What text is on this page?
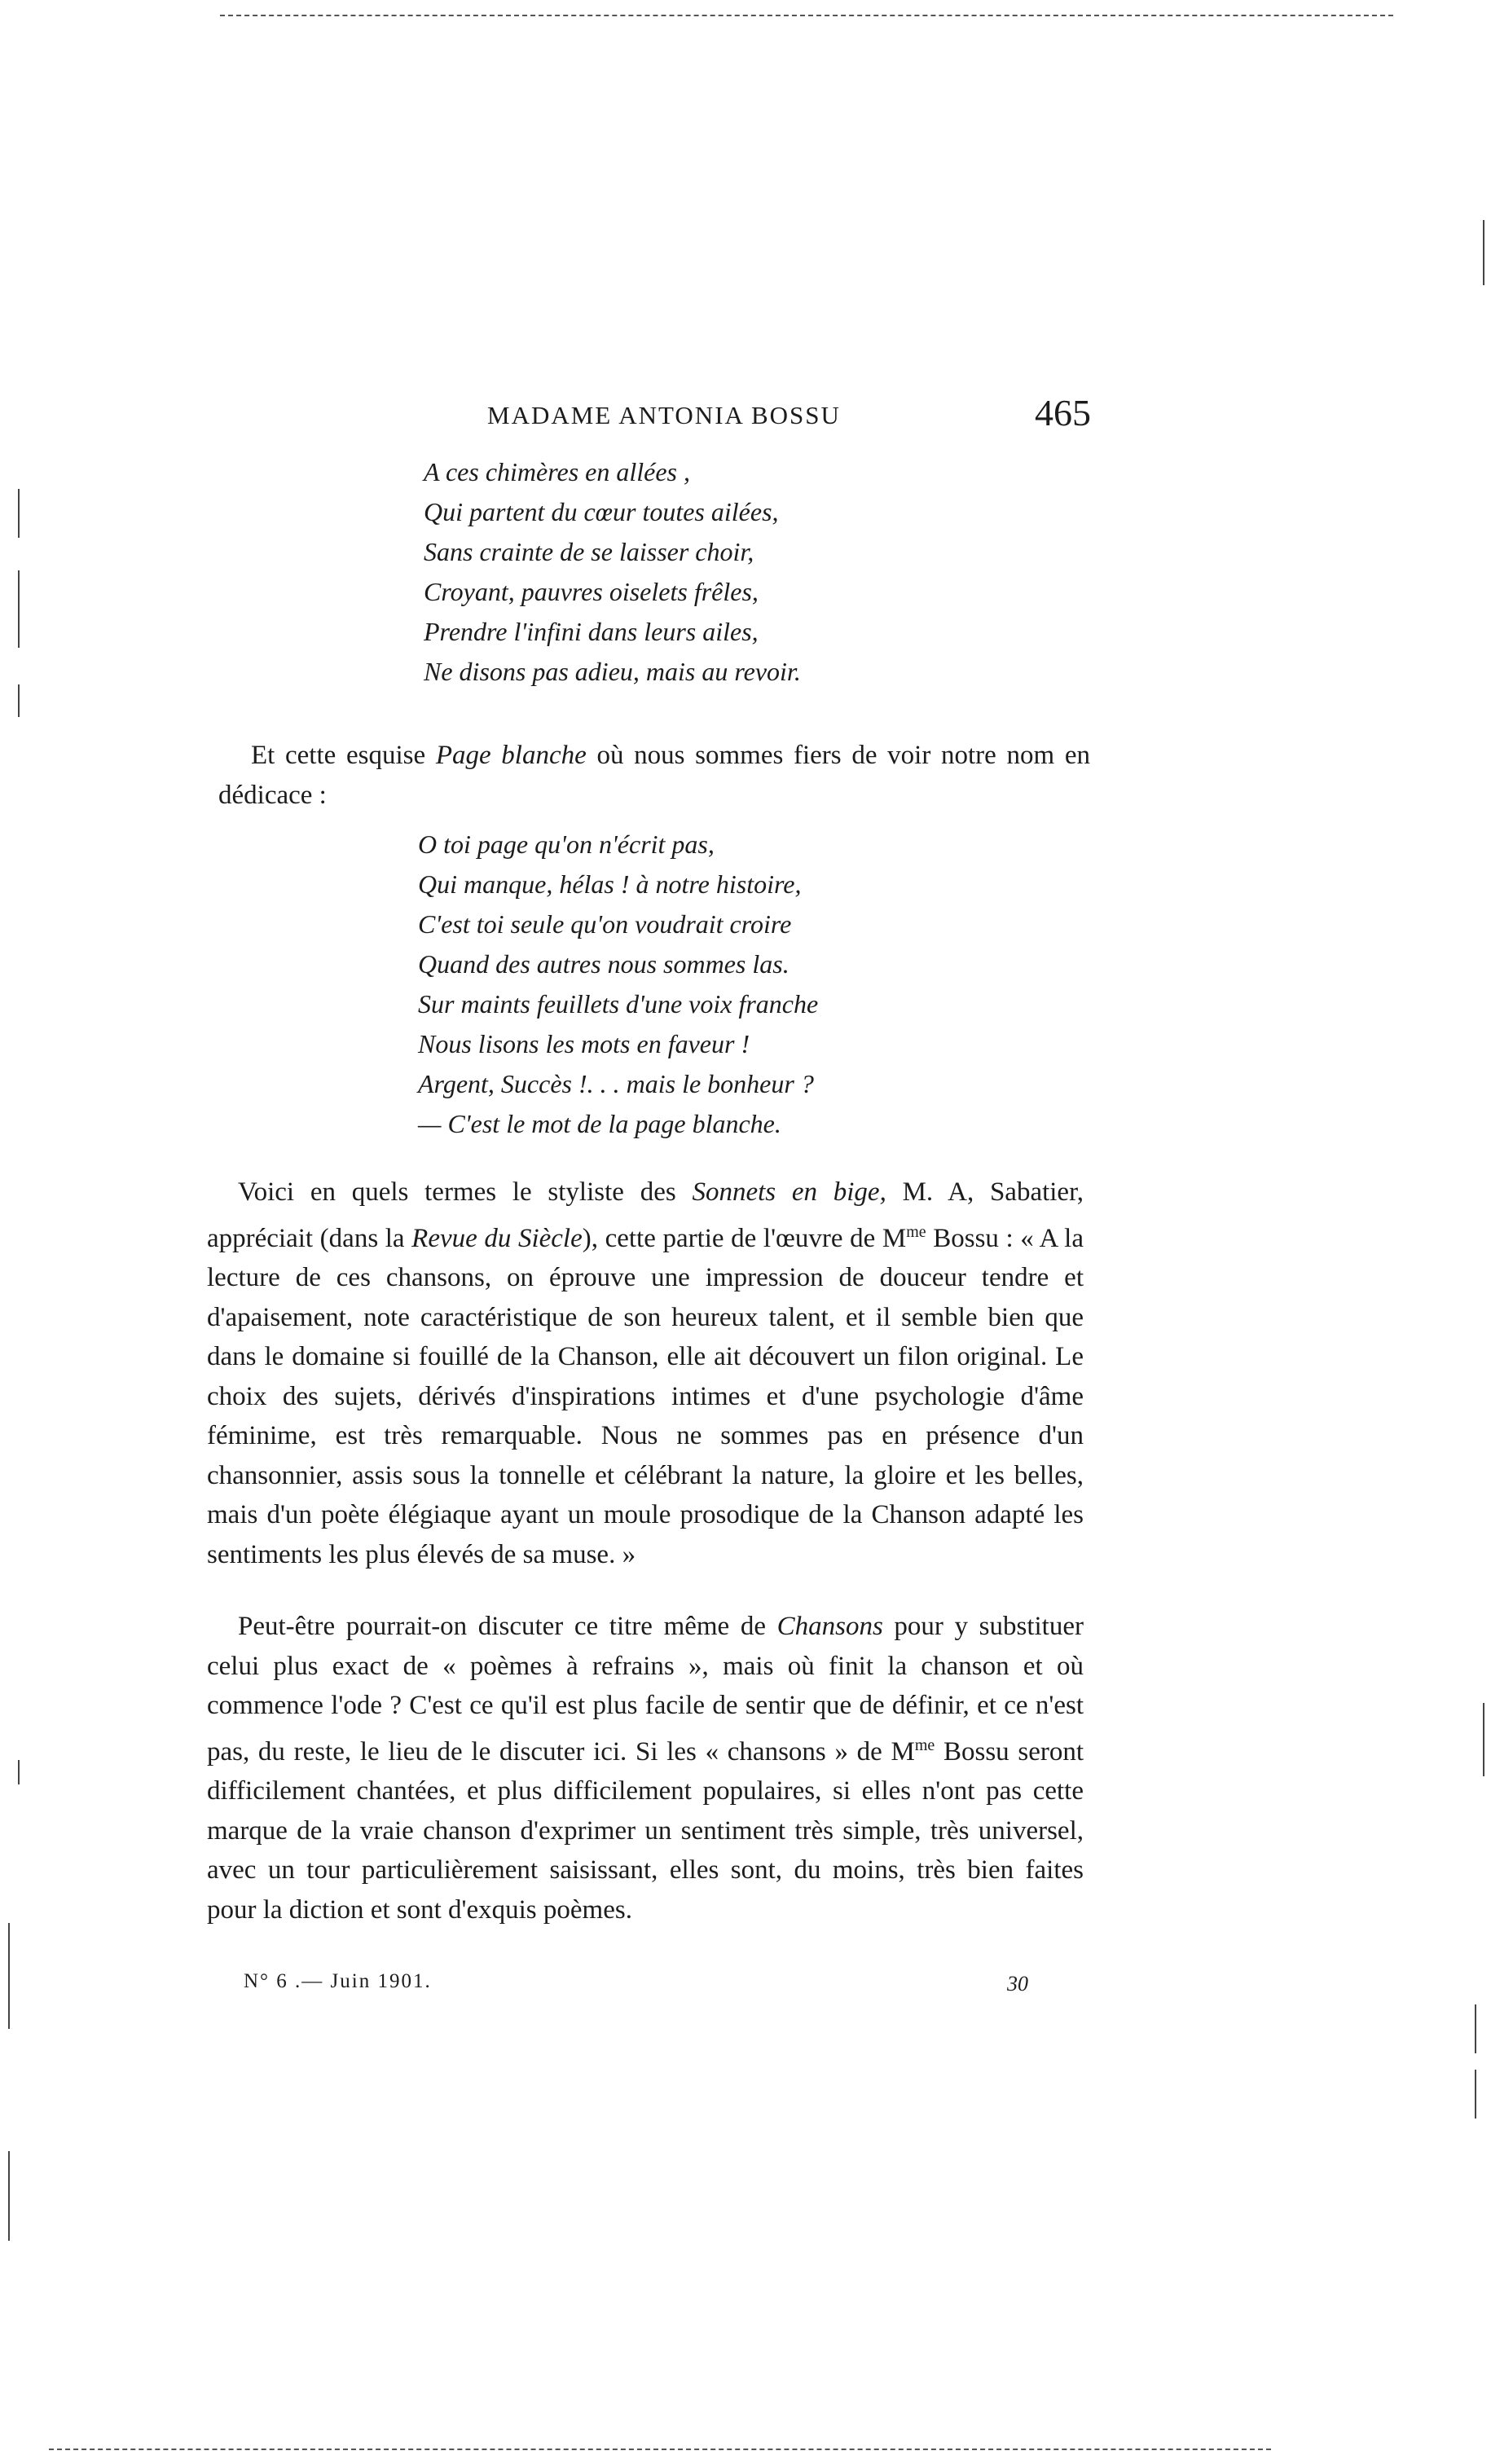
MADAME ANTONIA BOSSU	465
A ces chimères en allées ,
Qui partent du cœur toutes ailées,
Sans crainte de se laisser choir,
Croyant, pauvres oiselets frêles,
Prendre l'infini dans leurs ailes,
Ne disons pas adieu, mais au revoir.

Et cette esquise Page blanche où nous sommes fiers de voir notre nom en dédicace :

O toi page qu'on n'écrit pas,
Qui manque, hélas ! à notre histoire,
C'est toi seule qu'on voudrait croire
Quand des autres nous sommes las.
Sur maints feuillets d'une voix franche
Nous lisons les mots en faveur !
Argent, Succès !. . . mais le bonheur ?
— C'est le mot de la page blanche.

Voici en quels termes le styliste des Sonnets en bige, M. A, Sabatier, appréciait (dans la Revue du Siècle), cette partie de l'œuvre de $M^{me}$ Bossu : « A la lecture de ces chansons, on éprouve une impression de douceur tendre et d'apaisement, note caractéristique de son heureux talent, et il semble bien que dans le domaine si fouillé de la Chanson, elle ait découvert un filon original. Le choix des sujets, dérivés d'inspirations intimes et d'une psychologie d'âme féminime, est très remarquable. Nous ne sommes pas en présence d'un chansonnier, assis sous la tonnelle et célébrant la nature, la gloire et les belles, mais d'un poète élégiaque ayant un moule prosodique de la Chanson adapté les sentiments les plus élevés de sa muse. »

Peut-être pourrait-on discuter ce titre même de Chansons pour y substituer celui plus exact de « poèmes à refrains », mais où finit la chanson et où commence l'ode ? C'est ce qu'il est plus facile de sentir que de définir, et ce n'est pas, du reste, le lieu de le discuter ici. Si les « chansons » de $M^{me}$ Bossu seront difficilement chantées, et plus difficilement populaires, si elles n'ont pas cette marque de la vraie chanson d'exprimer un sentiment très simple, très universel, avec un tour particulièrement saisissant, elles sont, du moins, très bien faites pour la diction et sont d'exquis poèmes.

N° 6 .— Juin 1901.	30
